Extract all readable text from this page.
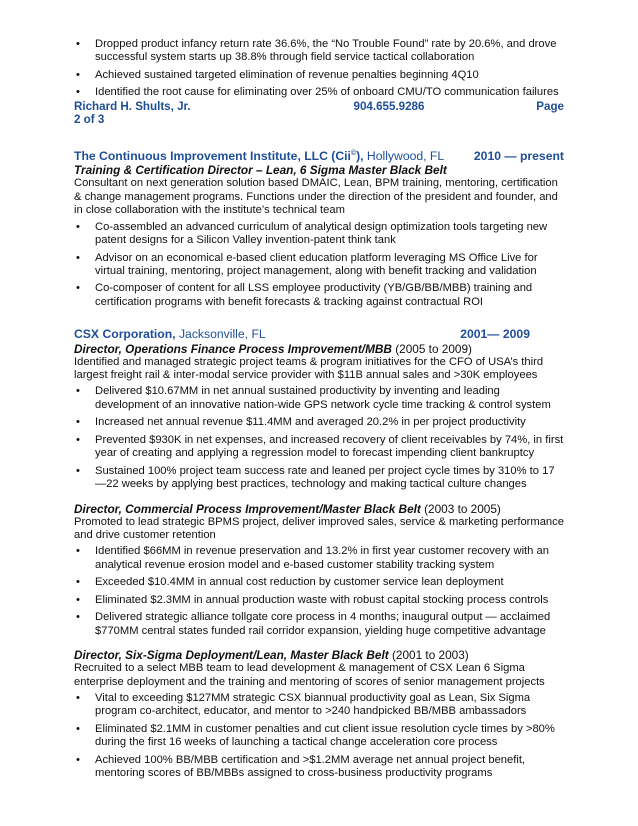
• Dropped product infancy return rate 36.6%, the “No Trouble Found” rate by 20.6%, and drove successful system starts up 38.8% through field service tactical collaboration
• Achieved sustained targeted elimination of revenue penalties beginning 4Q10
• Identified the root cause for eliminating over 25% of onboard CMU/TO communication failures
Richard H. Shults, Jr.	904.655.9286	Page
2 of 3
The Continuous Improvement Institute, LLC (Cii©), Hollywood, FL 2010 — present
Training & Certification Director – Lean, 6 Sigma Master Black Belt
Consultant on next generation solution based DMAIC, Lean, BPM training, mentoring, certification & change management programs. Functions under the direction of the president and founder, and in close collaboration with the institute’s technical team
• Co-assembled an advanced curriculum of analytical design optimization tools targeting new patent designs for a Silicon Valley invention-patent think tank
• Advisor on an economical e-based client education platform leveraging MS Office Live for virtual training, mentoring, project management, along with benefit tracking and validation
• Co-composer of content for all LSS employee productivity (YB/GB/BB/MBB) training and certification programs with benefit forecasts & tracking against contractual ROI
CSX Corporation, Jacksonville, FL	2001— 2009
Director, Operations Finance Process Improvement/MBB (2005 to 2009)
Identified and managed strategic project teams & program initiatives for the CFO of USA’s third largest freight rail & inter-modal service provider with $11B annual sales and >30K employees
• Delivered $10.67MM in net annual sustained productivity by inventing and leading development of an innovative nation-wide GPS network cycle time tracking & control system
• Increased net annual revenue $11.4MM and averaged 20.2% in per project productivity
• Prevented $930K in net expenses, and increased recovery of client receivables by 74%, in first year of creating and applying a regression model to forecast impending client bankruptcy
• Sustained 100% project team success rate and leaned per project cycle times by 310% to 17—22 weeks by applying best practices, technology and making tactical culture changes
Director, Commercial Process Improvement/Master Black Belt (2003 to 2005)
Promoted to lead strategic BPMS project, deliver improved sales, service & marketing performance and drive customer retention
• Identified $66MM in revenue preservation and 13.2% in first year customer recovery with an analytical revenue erosion model and e-based customer stability tracking system
• Exceeded $10.4MM in annual cost reduction by customer service lean deployment
• Eliminated $2.3MM in annual production waste with robust capital stocking process controls
• Delivered strategic alliance tollgate core process in 4 months; inaugural output — acclaimed $770MM central states funded rail corridor expansion, yielding huge competitive advantage
Director, Six-Sigma Deployment/Lean, Master Black Belt (2001 to 2003)
Recruited to a select MBB team to lead development & management of CSX Lean 6 Sigma enterprise deployment and the training and mentoring of scores of senior management projects
• Vital to exceeding $127MM strategic CSX biannual productivity goal as Lean, Six Sigma program co-architect, educator, and mentor to >240 handpicked BB/MBB ambassadors
• Eliminated $2.1MM in customer penalties and cut client issue resolution cycle times by >80% during the first 16 weeks of launching a tactical change acceleration core process
• Achieved 100% BB/MBB certification and >$1.2MM average net annual project benefit, mentoring scores of BB/MBBs assigned to cross-business productivity programs
